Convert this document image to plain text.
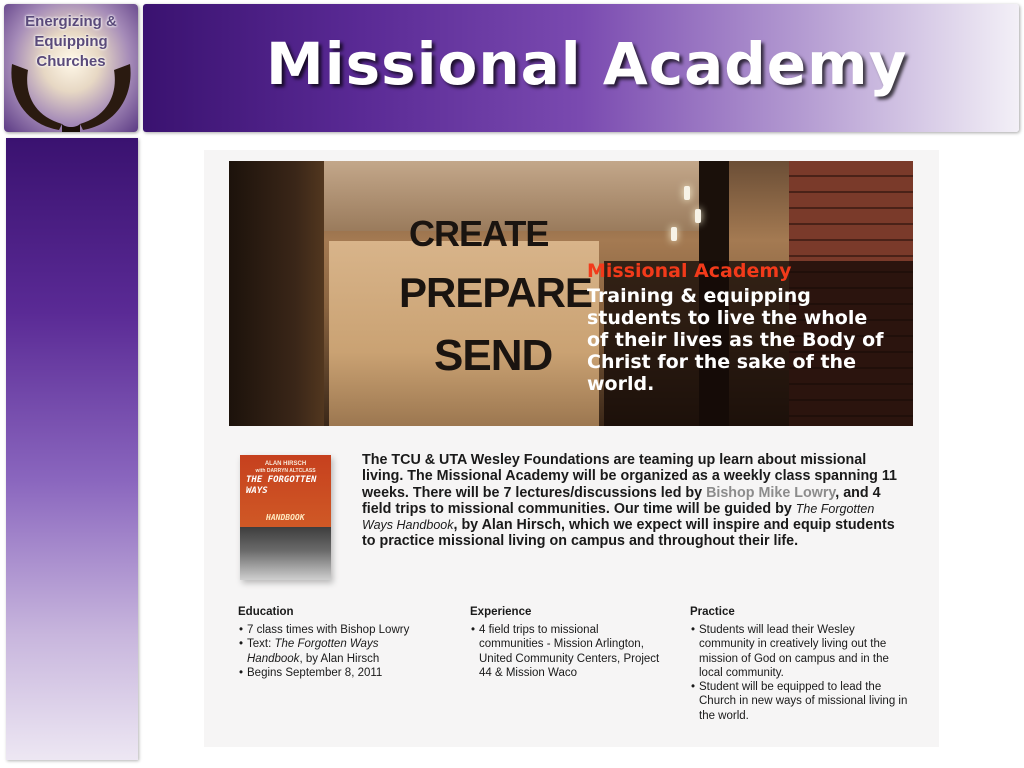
Energizing &
Equipping
Churches	Missional Academy
CREATE
PREPARE
SEND
Missional Academy
Training & equipping students to live the whole of their lives as the Body of Christ for the sake of the world.
ALAN HIRSCH
with DARRYN ALTCLASS
THE FORGOTTEN WAYS
HANDBOOK
The TCU & UTA Wesley Foundations are teaming up learn about missional living. The Missional Academy will be organized as a weekly class spanning 11 weeks. There will be 7 lectures/discussions led by Bishop Mike Lowry, and 4 field trips to missional communities. Our time will be guided by The Forgotten Ways Handbook, by Alan Hirsch, which we expect will inspire and equip students to practice missional living on campus and throughout their life.
Education
• 7 class times with Bishop Lowry
• Text: The Forgotten Ways Handbook, by Alan Hirsch
• Begins September 8, 2011
Experience
• 4 field trips to missional communities - Mission Arlington, United Community Centers, Project 44 & Mission Waco
Practice
• Students will lead their Wesley community in creatively living out the mission of God on campus and in the local community.
• Student will be equipped to lead the Church in new ways of missional living in the world.
